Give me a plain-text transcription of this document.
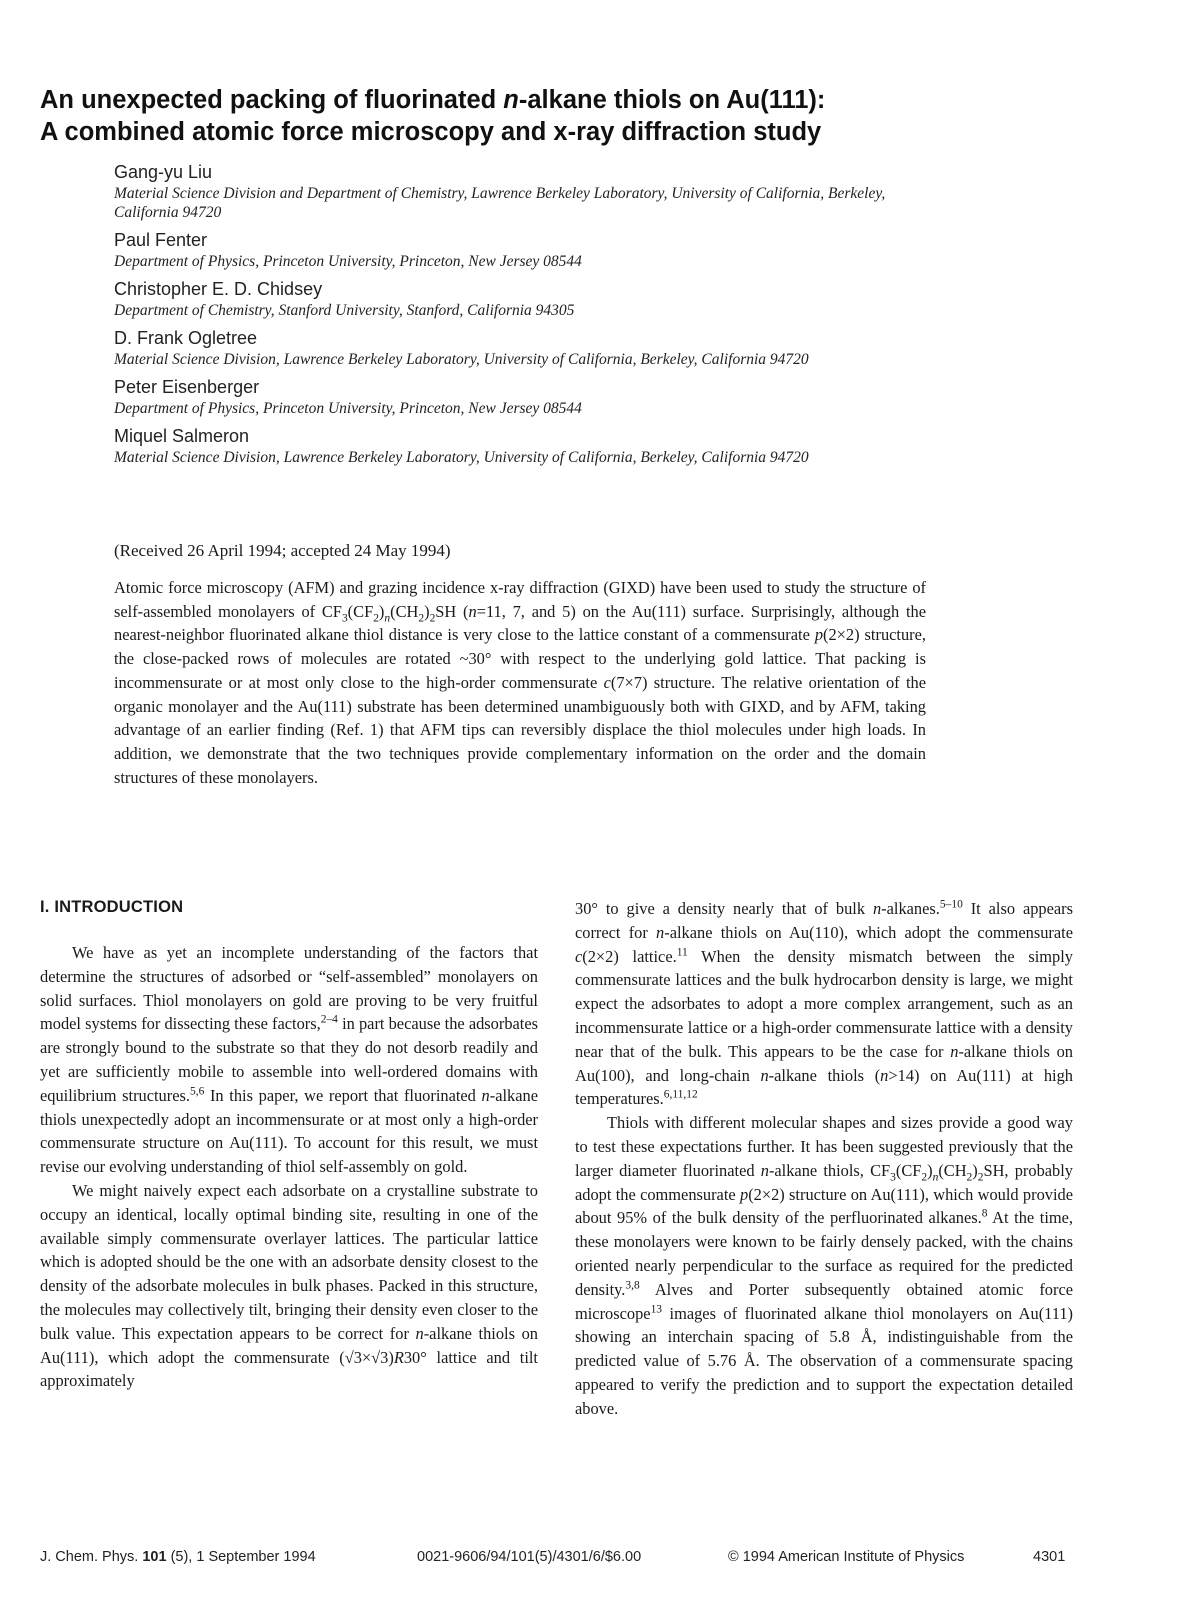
An unexpected packing of fluorinated n-alkane thiols on Au(111):
A combined atomic force microscopy and x-ray diffraction study
Gang-yu Liu
Material Science Division and Department of Chemistry, Lawrence Berkeley Laboratory, University of California, Berkeley, California 94720
Paul Fenter
Department of Physics, Princeton University, Princeton, New Jersey 08544
Christopher E. D. Chidsey
Department of Chemistry, Stanford University, Stanford, California 94305
D. Frank Ogletree
Material Science Division, Lawrence Berkeley Laboratory, University of California, Berkeley, California 94720
Peter Eisenberger
Department of Physics, Princeton University, Princeton, New Jersey 08544
Miquel Salmeron
Material Science Division, Lawrence Berkeley Laboratory, University of California, Berkeley, California 94720
(Received 26 April 1994; accepted 24 May 1994)

Atomic force microscopy (AFM) and grazing incidence x-ray diffraction (GIXD) have been used to study the structure of self-assembled monolayers of $CF_3(CF_2)_n(CH_2)_2SH$ (n=11, 7, and 5) on the Au(111) surface. Surprisingly, although the nearest-neighbor fluorinated alkane thiol distance is very close to the lattice constant of a commensurate p(2×2) structure, the close-packed rows of molecules are rotated ~30° with respect to the underlying gold lattice. That packing is incommensurate or at most only close to the high-order commensurate c(7×7) structure. The relative orientation of the organic monolayer and the Au(111) substrate has been determined unambiguously both with GIXD, and by AFM, taking advantage of an earlier finding (Ref. 1) that AFM tips can reversibly displace the thiol molecules under high loads. In addition, we demonstrate that the two techniques provide complementary information on the order and the domain structures of these monolayers.

I. INTRODUCTION

We have as yet an incomplete understanding of the factors that determine the structures of adsorbed or “self-assembled” monolayers on solid surfaces. Thiol monolayers on gold are proving to be very fruitful model systems for dissecting these factors,$^{2-4}$ in part because the adsorbates are strongly bound to the substrate so that they do not desorb readily and yet are sufficiently mobile to assemble into well-ordered domains with equilibrium structures.$^{5,6}$ In this paper, we report that fluorinated n-alkane thiols unexpectedly adopt an incommensurate or at most only a high-order commensurate structure on Au(111). To account for this result, we must revise our evolving understanding of thiol self-assembly on gold.

We might naively expect each adsorbate on a crystalline substrate to occupy an identical, locally optimal binding site, resulting in one of the available simply commensurate overlayer lattices. The particular lattice which is adopted should be the one with an adsorbate density closest to the density of the adsorbate molecules in bulk phases. Packed in this structure, the molecules may collectively tilt, bringing their density even closer to the bulk value. This expectation appears to be correct for n-alkane thiols on Au(111), which adopt the commensurate (√3×√3)R30° lattice and tilt approximately

30° to give a density nearly that of bulk n-alkanes.$^{5-10}$ It also appears correct for n-alkane thiols on Au(110), which adopt the commensurate c(2×2) lattice.$^{11}$ When the density mismatch between the simply commensurate lattices and the bulk hydrocarbon density is large, we might expect the adsorbates to adopt a more complex arrangement, such as an incommensurate lattice or a high-order commensurate lattice with a density near that of the bulk. This appears to be the case for n-alkane thiols on Au(100), and long-chain n-alkane thiols (n>14) on Au(111) at high temperatures.$^{6,11,12}$

Thiols with different molecular shapes and sizes provide a good way to test these expectations further. It has been suggested previously that the larger diameter fluorinated n-alkane thiols, $CF_3(CF_2)_n(CH_2)_2SH$, probably adopt the commensurate p(2×2) structure on Au(111), which would provide about 95% of the bulk density of the perfluorinated alkanes.$^8$ At the time, these monolayers were known to be fairly densely packed, with the chains oriented nearly perpendicular to the surface as required for the predicted density.$^{3,8}$ Alves and Porter subsequently obtained atomic force microscope$^{13}$ images of fluorinated alkane thiol monolayers on Au(111) showing an interchain spacing of 5.8 Å, indistinguishable from the predicted value of 5.76 Å. The observation of a commensurate spacing appeared to verify the prediction and to support the expectation detailed above.

J. Chem. Phys. 101 (5), 1 September 1994	0021-9606/94/101(5)/4301/6/$6.00	© 1994 American Institute of Physics	4301
